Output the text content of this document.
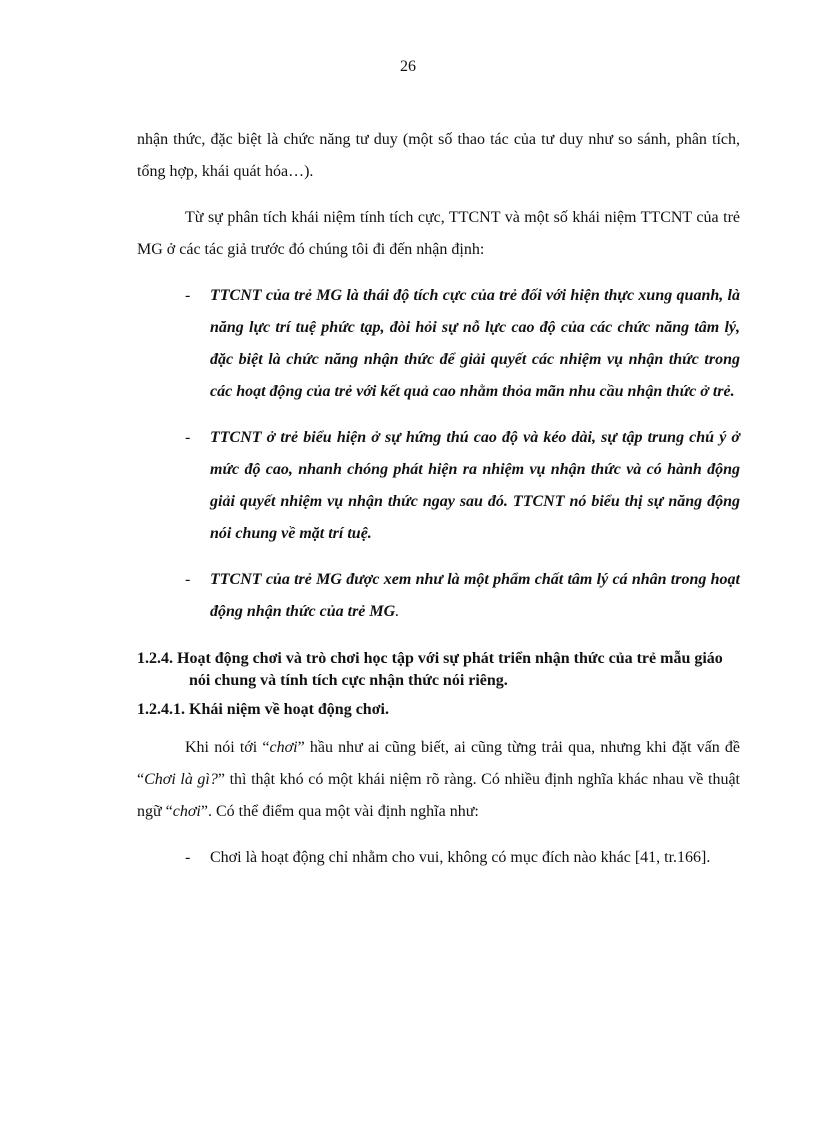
26

nhận thức, đặc biệt là chức năng tư duy (một số thao tác của tư duy như so sánh, phân tích, tổng hợp, khái quát hóa…).

Từ sự phân tích khái niệm tính tích cực, TTCNT và một số khái niệm TTCNT của trẻ MG ở các tác giả trước đó chúng tôi đi đến nhận định:

- TTCNT của trẻ MG là thái độ tích cực của trẻ đối với hiện thực xung quanh, là năng lực trí tuệ phức tạp, đòi hỏi sự nỗ lực cao độ của các chức năng tâm lý, đặc biệt là chức năng nhận thức để giải quyết các nhiệm vụ nhận thức trong các hoạt động của trẻ với kết quả cao nhằm thỏa mãn nhu cầu nhận thức ở trẻ.
- TTCNT ở trẻ biểu hiện ở sự hứng thú cao độ và kéo dài, sự tập trung chú ý ở mức độ cao, nhanh chóng phát hiện ra nhiệm vụ nhận thức và có hành động giải quyết nhiệm vụ nhận thức ngay sau đó. TTCNT nó biểu thị sự năng động nói chung về mặt trí tuệ.
- TTCNT của trẻ MG được xem như là một phẩm chất tâm lý cá nhân trong hoạt động nhận thức của trẻ MG.
1.2.4. Hoạt động chơi và trò chơi học tập với sự phát triển nhận thức của trẻ mẫu giáo nói chung và tính tích cực nhận thức nói riêng.
1.2.4.1. Khái niệm về hoạt động chơi.

Khi nói tới “chơi” hầu như ai cũng biết, ai cũng từng trải qua, nhưng khi đặt vấn đề “Chơi là gì?” thì thật khó có một khái niệm rõ ràng. Có nhiều định nghĩa khác nhau về thuật ngữ “chơi”. Có thể điểm qua một vài định nghĩa như:

- Chơi là hoạt động chỉ nhằm cho vui, không có mục đích nào khác [41, tr.166].
